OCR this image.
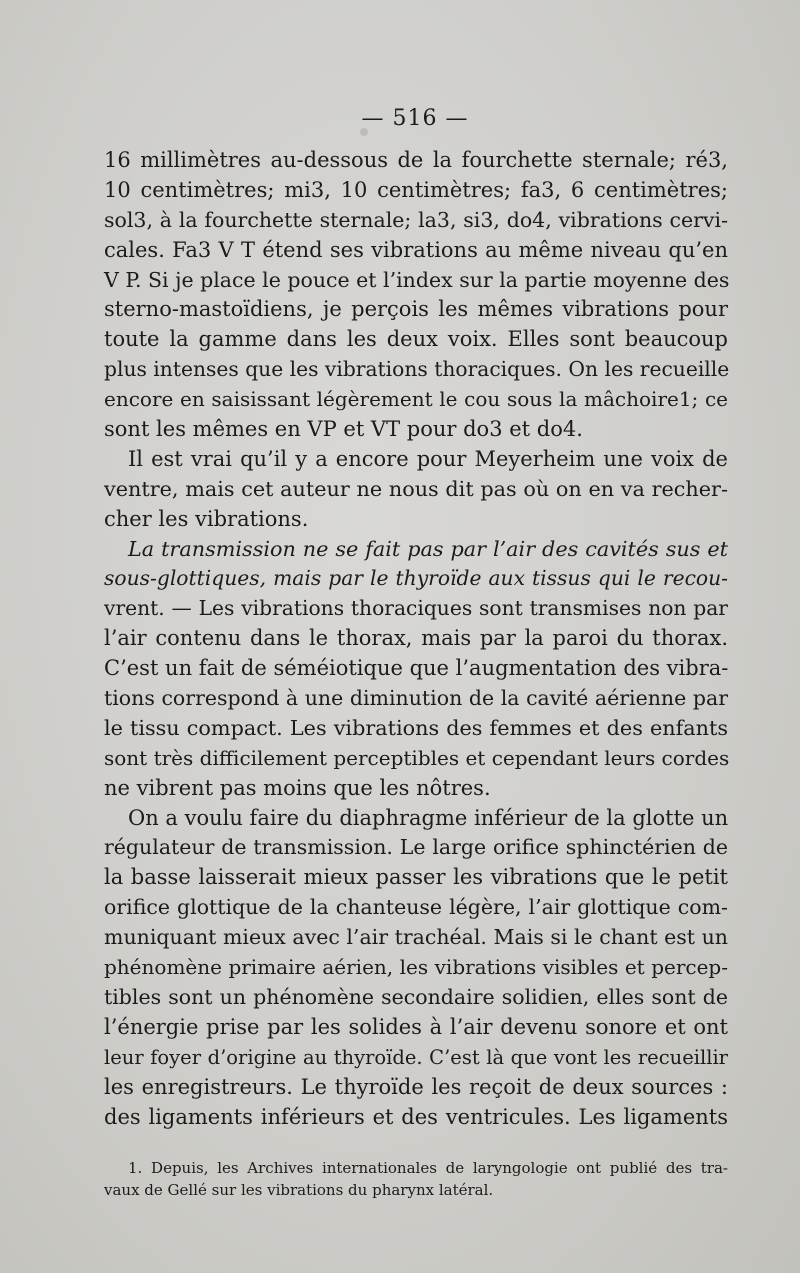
— 516 —
16 millimètres au-dessous de la fourchette sternale; ré3,
10 centimètres; mi3, 10 centimètres; fa3, 6 centimètres;
sol3, à la fourchette sternale; la3, si3, do4, vibrations cervi-
cales. Fa3 V T étend ses vibrations au même niveau qu’en
V P. Si je place le pouce et l’index sur la partie moyenne des
sterno-mastoïdiens, je perçois les mêmes vibrations pour
toute la gamme dans les deux voix. Elles sont beaucoup
plus intenses que les vibrations thoraciques. On les recueille
encore en saisissant légèrement le cou sous la mâchoire1; ce
sont les mêmes en VP et VT pour do3 et do4.
Il est vrai qu’il y a encore pour Meyerheim une voix de
ventre, mais cet auteur ne nous dit pas où on en va recher-
cher les vibrations.
La transmission ne se fait pas par l’air des cavités sus et
sous-glottiques, mais par le thyroïde aux tissus qui le recou-
vrent. — Les vibrations thoraciques sont transmises non par
l’air contenu dans le thorax, mais par la paroi du thorax.
C’est un fait de séméiotique que l’augmentation des vibra-
tions correspond à une diminution de la cavité aérienne par
le tissu compact. Les vibrations des femmes et des enfants
sont très difficilement perceptibles et cependant leurs cordes
ne vibrent pas moins que les nôtres.
On a voulu faire du diaphragme inférieur de la glotte un
régulateur de transmission. Le large orifice sphinctérien de
la basse laisserait mieux passer les vibrations que le petit
orifice glottique de la chanteuse légère, l’air glottique com-
muniquant mieux avec l’air trachéal. Mais si le chant est un
phénomène primaire aérien, les vibrations visibles et percep-
tibles sont un phénomène secondaire solidien, elles sont de
l’énergie prise par les solides à l’air devenu sonore et ont
leur foyer d’origine au thyroïde. C’est là que vont les recueillir
les enregistreurs. Le thyroïde les reçoit de deux sources :
des ligaments inférieurs et des ventricules. Les ligaments
1. Depuis, les Archives internationales de laryngologie ont publié des tra-
vaux de Gellé sur les vibrations du pharynx latéral.
